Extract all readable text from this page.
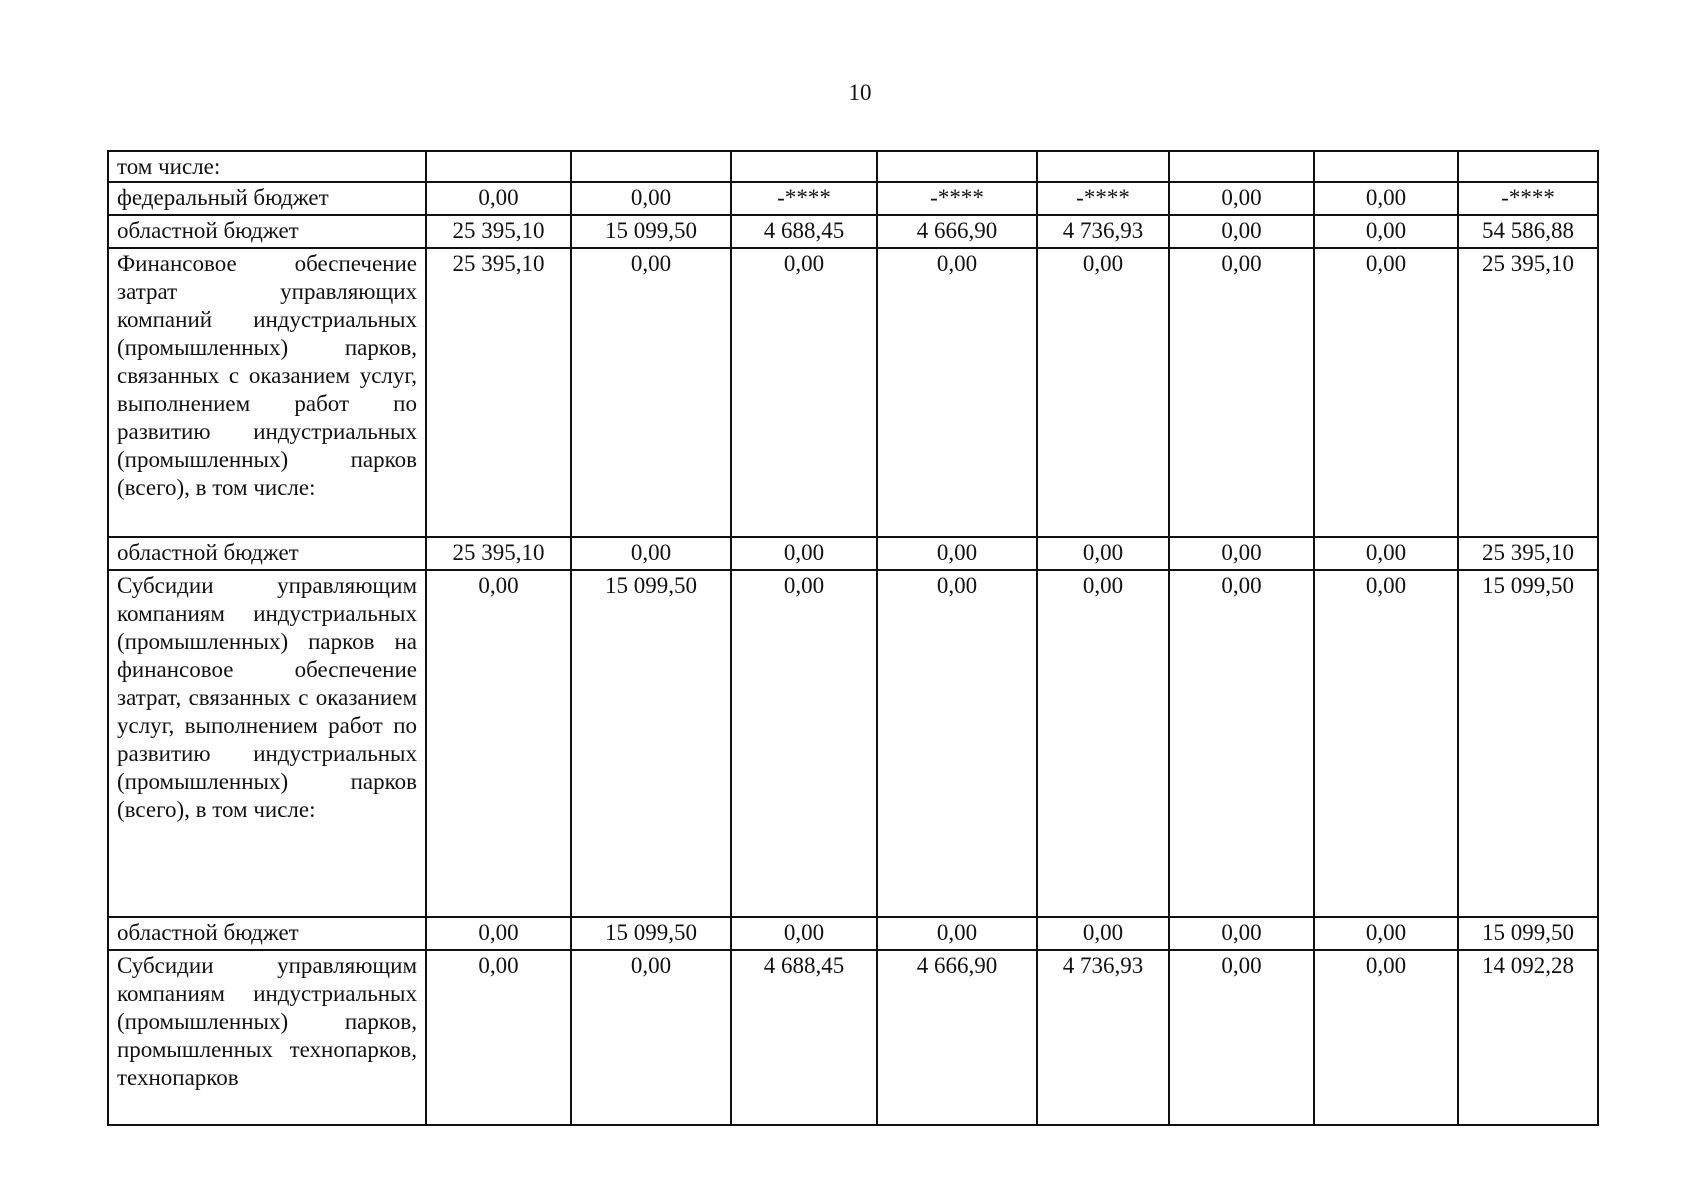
10
том числе:								
федеральный бюджет	0,00	0,00	-****	-****	-****	0,00	0,00	-****
областной бюджет	25 395,10	15 099,50	4 688,45	4 666,90	4 736,93	0,00	0,00	54 586,88
Финансовое обеспечение затрат управляющих компаний индустриальных (промышленных) парков, связанных с оказанием услуг, выполнением работ по развитию индустриальных (промышленных) парков (всего), в том числе:	25 395,10	0,00	0,00	0,00	0,00	0,00	0,00	25 395,10
областной бюджет	25 395,10	0,00	0,00	0,00	0,00	0,00	0,00	25 395,10
Субсидии управляющим компаниям индустриальных (промышленных) парков на финансовое обеспечение затрат, связанных с оказанием услуг, выполнением работ по развитию индустриальных (промышленных) парков (всего), в том числе:	0,00	15 099,50	0,00	0,00	0,00	0,00	0,00	15 099,50
областной бюджет	0,00	15 099,50	0,00	0,00	0,00	0,00	0,00	15 099,50
Субсидии управляющим компаниям индустриальных (промышленных) парков, промышленных технопарков, технопарков	0,00	0,00	4 688,45	4 666,90	4 736,93	0,00	0,00	14 092,28
